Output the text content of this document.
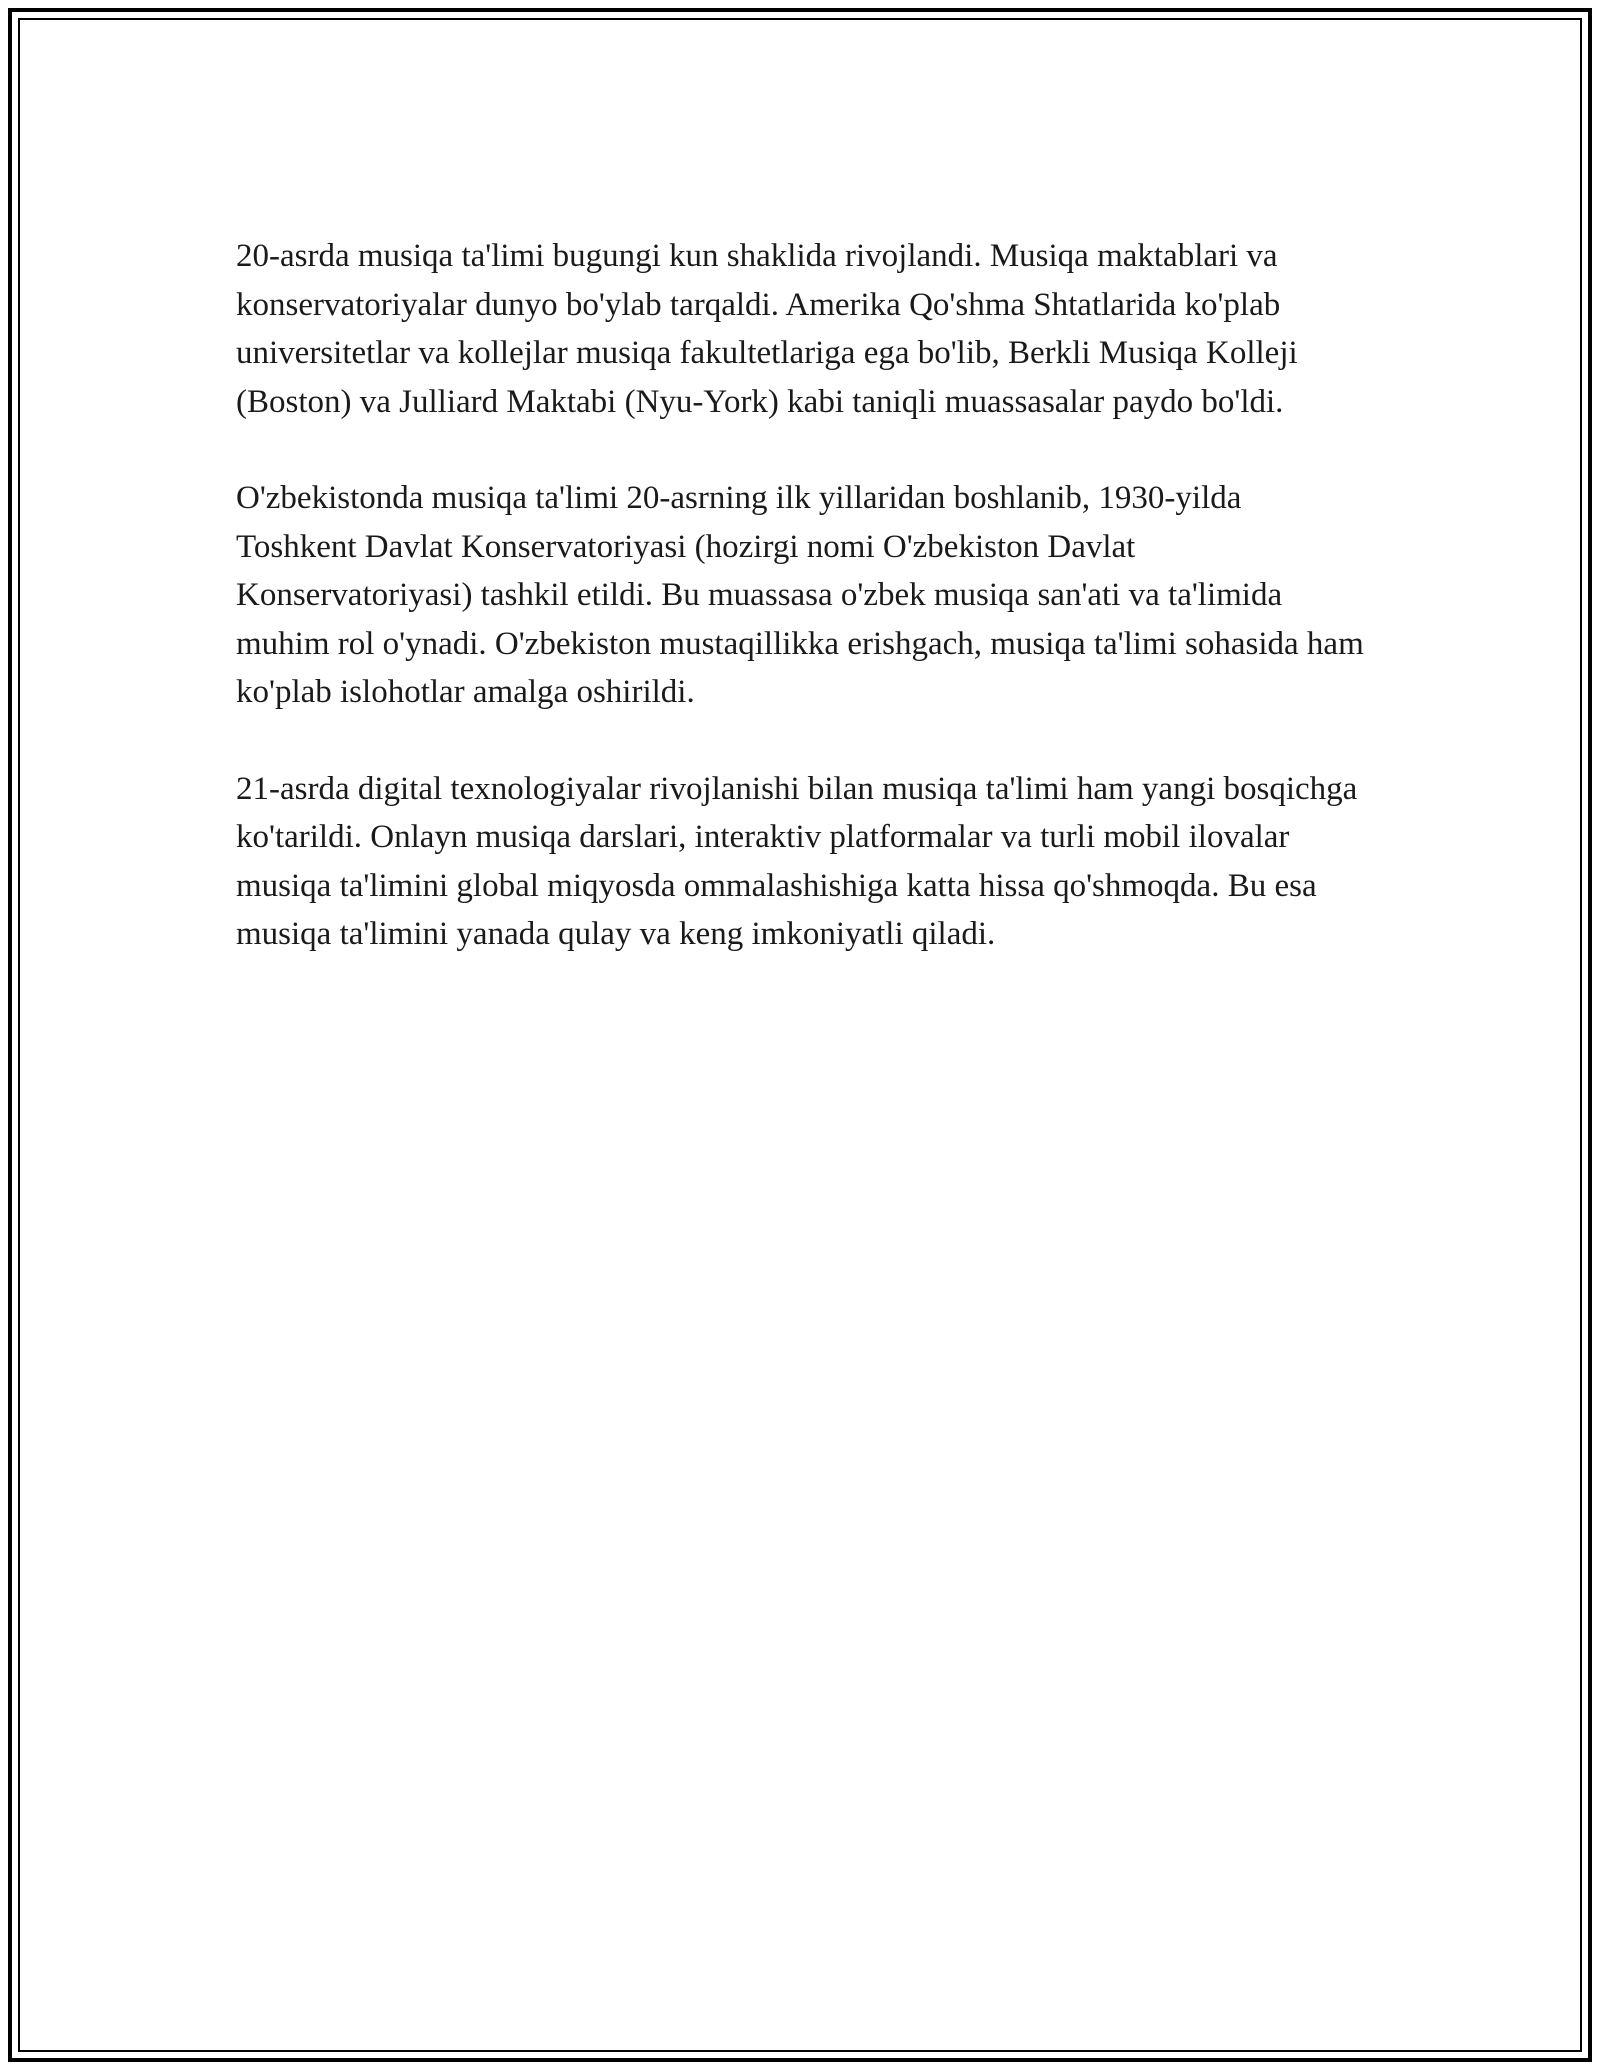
20-asrda musiqa ta'limi bugungi kun shaklida rivojlandi. Musiqa maktablari va konservatoriyalar dunyo bo'ylab tarqaldi. Amerika Qo'shma Shtatlarida ko'plab universitetlar va kollejlar musiqa fakultetlariga ega bo'lib, Berkli Musiqa Kolleji (Boston) va Julliard Maktabi (Nyu-York) kabi taniqli muassasalar paydo bo'ldi.

O'zbekistonda musiqa ta'limi 20-asrning ilk yillaridan boshlanib, 1930-yilda Toshkent Davlat Konservatoriyasi (hozirgi nomi O'zbekiston Davlat Konservatoriyasi) tashkil etildi. Bu muassasa o'zbek musiqa san'ati va ta'limida muhim rol o'ynadi. O'zbekiston mustaqillikka erishgach, musiqa ta'limi sohasida ham ko'plab islohotlar amalga oshirildi.

21-asrda digital texnologiyalar rivojlanishi bilan musiqa ta'limi ham yangi bosqichga ko'tarildi. Onlayn musiqa darslari, interaktiv platformalar va turli mobil ilovalar musiqa ta'limini global miqyosda ommalashishiga katta hissa qo'shmoqda. Bu esa musiqa ta'limini yanada qulay va keng imkoniyatli qiladi.
